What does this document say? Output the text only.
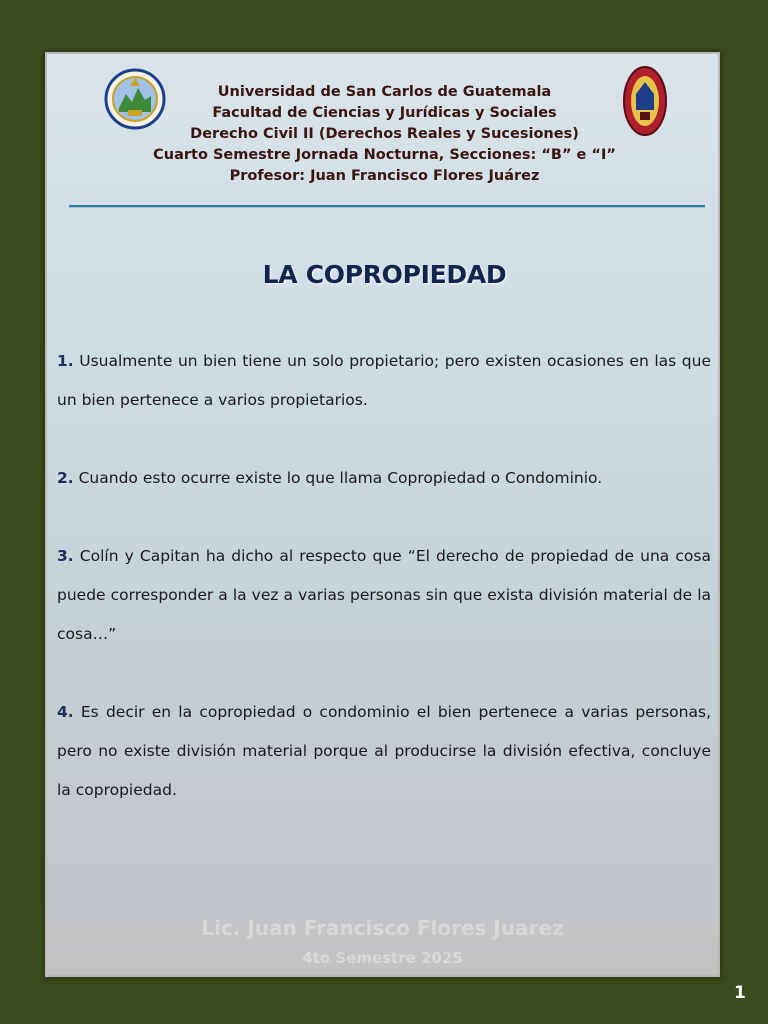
Lic. Juan Francisco Flores Juarez
4to Semestre 2025
Universidad de San Carlos de Guatemala
Facultad de Ciencias y Jurídicas y Sociales
Derecho Civil II (Derechos Reales y Sucesiones)
Cuarto Semestre Jornada Nocturna, Secciones: “B” e “I”
Profesor: Juan Francisco Flores Juárez
LA COPROPIEDAD

1. Usualmente un bien tiene un solo propietario; pero existen ocasiones en las que un bien pertenece a varios propietarios.

2. Cuando esto ocurre existe lo que llama Copropiedad o Condominio.

3. Colín y Capitan ha dicho al respecto que “El derecho de propiedad de una cosa puede corresponder a la vez a varias personas sin que exista división material de la cosa…”

4. Es decir en la copropiedad o condominio el bien pertenece a varias personas, pero no existe división material porque al producirse la división efectiva, concluye la copropiedad.

1
